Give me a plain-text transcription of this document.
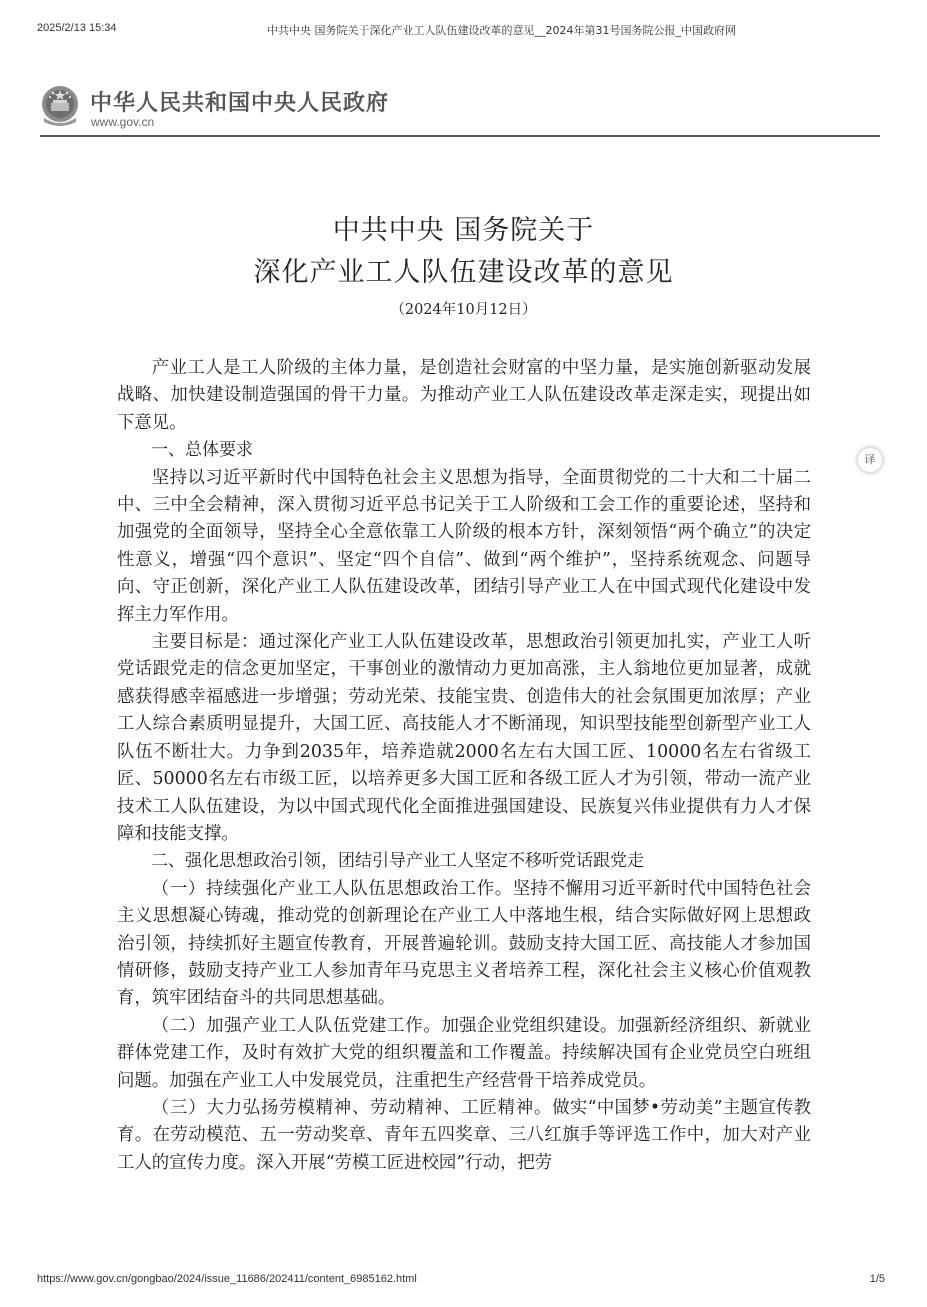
2025/2/13 15:34	中共中央 国务院关于深化产业工人队伍建设改革的意见__2024年第31号国务院公报_中国政府网
中华人民共和国中央人民政府
www.gov.cn
中共中央 国务院关于
深化产业工人队伍建设改革的意见
（2024年10月12日）

产业工人是工人阶级的主体力量，是创造社会财富的中坚力量，是实施创新驱动发展战略、加快建设制造强国的骨干力量。为推动产业工人队伍建设改革走深走实，现提出如下意见。

一、总体要求

坚持以习近平新时代中国特色社会主义思想为指导，全面贯彻党的二十大和二十届二中、三中全会精神，深入贯彻习近平总书记关于工人阶级和工会工作的重要论述，坚持和加强党的全面领导，坚持全心全意依靠工人阶级的根本方针，深刻领悟“两个确立”的决定性意义，增强“四个意识”、坚定“四个自信”、做到“两个维护”，坚持系统观念、问题导向、守正创新，深化产业工人队伍建设改革，团结引导产业工人在中国式现代化建设中发挥主力军作用。

主要目标是：通过深化产业工人队伍建设改革，思想政治引领更加扎实，产业工人听党话跟党走的信念更加坚定，干事创业的激情动力更加高涨，主人翁地位更加显著，成就感获得感幸福感进一步增强；劳动光荣、技能宝贵、创造伟大的社会氛围更加浓厚；产业工人综合素质明显提升，大国工匠、高技能人才不断涌现，知识型技能型创新型产业工人队伍不断壮大。力争到2035年，培养造就2000名左右大国工匠、10000名左右省级工匠、50000名左右市级工匠，以培养更多大国工匠和各级工匠人才为引领，带动一流产业技术工人队伍建设，为以中国式现代化全面推进强国建设、民族复兴伟业提供有力人才保障和技能支撑。

二、强化思想政治引领，团结引导产业工人坚定不移听党话跟党走

（一）持续强化产业工人队伍思想政治工作。坚持不懈用习近平新时代中国特色社会主义思想凝心铸魂，推动党的创新理论在产业工人中落地生根，结合实际做好网上思想政治引领，持续抓好主题宣传教育，开展普遍轮训。鼓励支持大国工匠、高技能人才参加国情研修，鼓励支持产业工人参加青年马克思主义者培养工程，深化社会主义核心价值观教育，筑牢团结奋斗的共同思想基础。

（二）加强产业工人队伍党建工作。加强企业党组织建设。加强新经济组织、新就业群体党建工作，及时有效扩大党的组织覆盖和工作覆盖。持续解决国有企业党员空白班组问题。加强在产业工人中发展党员，注重把生产经营骨干培养成党员。

（三）大力弘扬劳模精神、劳动精神、工匠精神。做实“中国梦•劳动美”主题宣传教育。在劳动模范、五一劳动奖章、青年五四奖章、三八红旗手等评选工作中，加大对产业工人的宣传力度。深入开展“劳模工匠进校园”行动，把劳

译
https://www.gov.cn/gongbao/2024/issue_11686/202411/content_6985162.html	1/5
